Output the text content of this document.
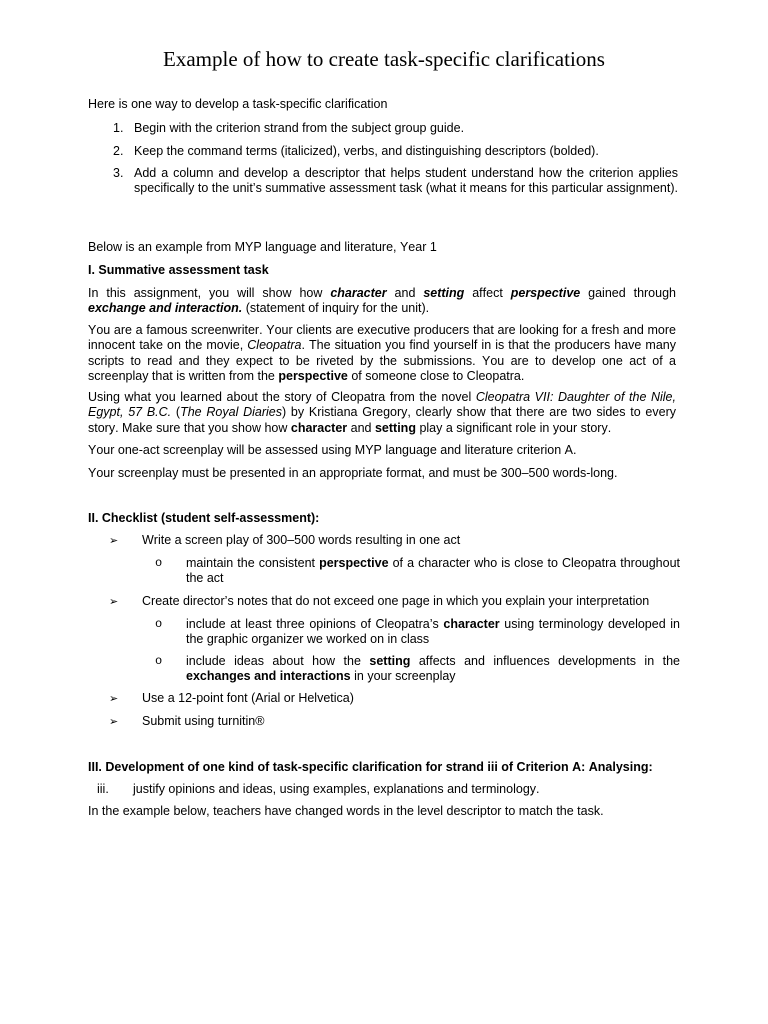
Example of how to create task-specific clarifications

Here is one way to develop a task-specific clarification

1. Begin with the criterion strand from the subject group guide.
2. Keep the command terms (italicized), verbs, and distinguishing descriptors (bolded).
3. Add a column and develop a descriptor that helps student understand how the criterion applies specifically to the unit’s summative assessment task (what it means for this particular assignment).

Below is an example from MYP language and literature, Year 1

I. Summative assessment task

In this assignment, you will show how character and setting affect perspective gained through exchange and interaction. (statement of inquiry for the unit).

You are a famous screenwriter. Your clients are executive producers that are looking for a fresh and more innocent take on the movie, Cleopatra. The situation you find yourself in is that the producers have many scripts to read and they expect to be riveted by the submissions. You are to develop one act of a screenplay that is written from the perspective of someone close to Cleopatra.

Using what you learned about the story of Cleopatra from the novel Cleopatra VII: Daughter of the Nile, Egypt, 57 B.C. (The Royal Diaries) by Kristiana Gregory, clearly show that there are two sides to every story. Make sure that you show how character and setting play a significant role in your story.

Your one-act screenplay will be assessed using MYP language and literature criterion A.

Your screenplay must be presented in an appropriate format, and must be 300–500 words-long.

II. Checklist (student self-assessment):

➢ Write a screen play of 300–500 words resulting in one act
o maintain the consistent perspective of a character who is close to Cleopatra throughout the act
➢ Create director’s notes that do not exceed one page in which you explain your interpretation
o include at least three opinions of Cleopatra’s character using terminology developed in the graphic organizer we worked on in class
o include ideas about how the setting affects and influences developments in the exchanges and interactions in your screenplay
➢ Use a 12-point font (Arial or Helvetica)
➢ Submit using turnitin®

III. Development of one kind of task-specific clarification for strand iii of Criterion A: Analysing:

iii. justify opinions and ideas, using examples, explanations and terminology.

In the example below, teachers have changed words in the level descriptor to match the task.
